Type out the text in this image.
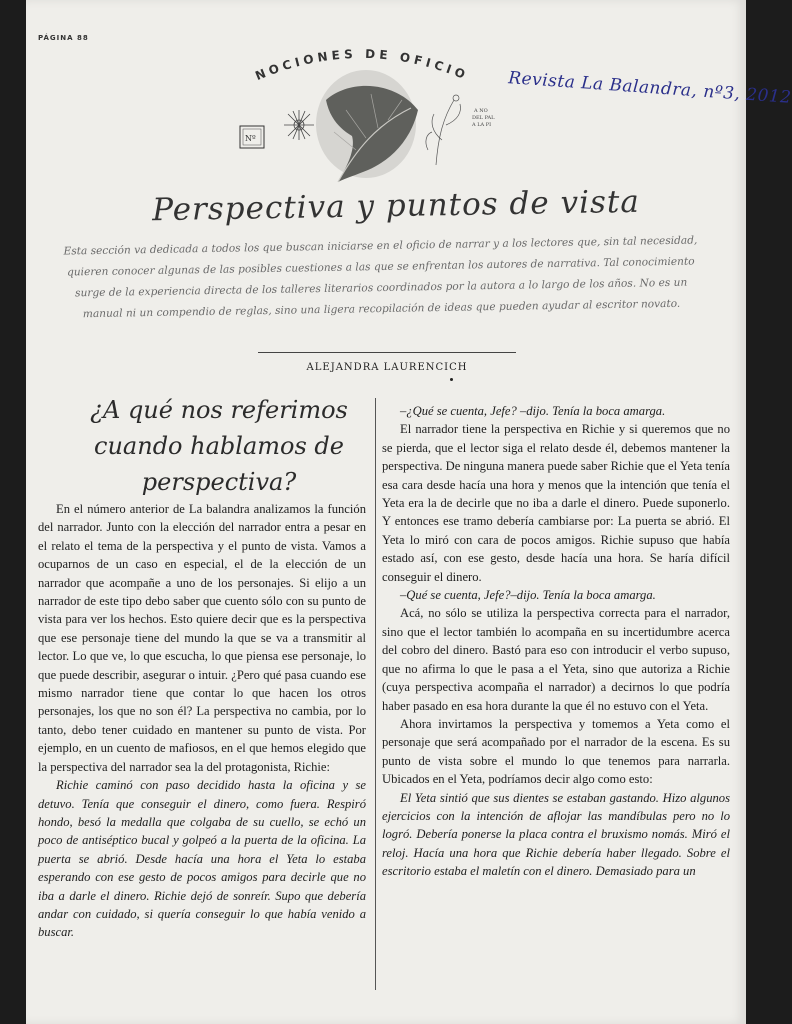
PÁGINA 88
NOCIONES DE OFICIO Revista La Balandra, nº3, 2012
Nº
A NO
DEL PAL
A LA PI
Perspectiva y puntos de vista
Esta sección va dedicada a todos los que buscan iniciarse en el oficio de narrar y a los lectores que, sin tal necesidad, quieren conocer algunas de las posibles cuestiones a las que se enfrentan los autores de narrativa. Tal conocimiento surge de la experiencia directa de los talleres literarios coordinados por la autora a lo largo de los años. No es un manual ni un compendio de reglas, sino una ligera recopilación de ideas que pueden ayudar al escritor novato.
ALEJANDRA LAURENCICH
¿A qué nos referimos cuando hablamos de perspectiva?

En el número anterior de La balandra analizamos la función del narrador. Junto con la elección del narrador entra a pesar en el relato el tema de la perspectiva y el punto de vista. Vamos a ocuparnos de un caso en especial, el de la elección de un narrador que acompañe a uno de los personajes. Si elijo a un narrador de este tipo debo saber que cuento sólo con su punto de vista para ver los hechos. Esto quiere decir que es la perspectiva que ese personaje tiene del mundo la que se va a transmitir al lector. Lo que ve, lo que escucha, lo que piensa ese personaje, lo que puede describir, asegurar o intuir. ¿Pero qué pasa cuando ese mismo narrador tiene que contar lo que hacen los otros personajes, los que no son él? La perspectiva no cambia, por lo tanto, debo tener cuidado en mantener su punto de vista. Por ejemplo, en un cuento de mafiosos, en el que hemos elegido que la perspectiva del narrador sea la del protagonista, Richie:

Richie caminó con paso decidido hasta la oficina y se detuvo. Tenía que conseguir el dinero, como fuera. Respiró hondo, besó la medalla que colgaba de su cuello, se echó un poco de antiséptico bucal y golpeó a la puerta de la oficina. La puerta se abrió. Desde hacía una hora el Yeta lo estaba esperando con ese gesto de pocos amigos para decirle que no iba a darle el dinero. Richie dejó de sonreír. Supo que debería andar con cuidado, si quería conseguir lo que había venido a buscar.

–¿Qué se cuenta, Jefe? –dijo. Tenía la boca amarga.

El narrador tiene la perspectiva en Richie y si queremos que no se pierda, que el lector siga el relato desde él, debemos mantener la perspectiva. De ninguna manera puede saber Richie que el Yeta tenía esa cara desde hacía una hora y menos que la intención que tenía el Yeta era la de decirle que no iba a darle el dinero. Puede suponerlo. Y entonces ese tramo debería cambiarse por: La puerta se abrió. El Yeta lo miró con cara de pocos amigos. Richie supuso que había estado así, con ese gesto, desde hacía una hora. Se haría difícil conseguir el dinero.

–Qué se cuenta, Jefe?–dijo. Tenía la boca amarga.

Acá, no sólo se utiliza la perspectiva correcta para el narrador, sino que el lector también lo acompaña en su incertidumbre acerca del cobro del dinero. Bastó para eso con introducir el verbo supuso, que no afirma lo que le pasa a el Yeta, sino que autoriza a Richie (cuya perspectiva acompaña el narrador) a decirnos lo que podría haber pasado en esa hora durante la que él no estuvo con el Yeta.

Ahora invirtamos la perspectiva y tomemos a Yeta como el personaje que será acompañado por el narrador de la escena. Es su punto de vista sobre el mundo lo que tenemos para narrarla. Ubicados en el Yeta, podríamos decir algo como esto:

El Yeta sintió que sus dientes se estaban gastando. Hizo algunos ejercicios con la intención de aflojar las mandíbulas pero no lo logró. Debería ponerse la placa contra el bruxismo nomás. Miró el reloj. Hacía una hora que Richie debería haber llegado. Sobre el escritorio estaba el maletín con el dinero. Demasiado para un
